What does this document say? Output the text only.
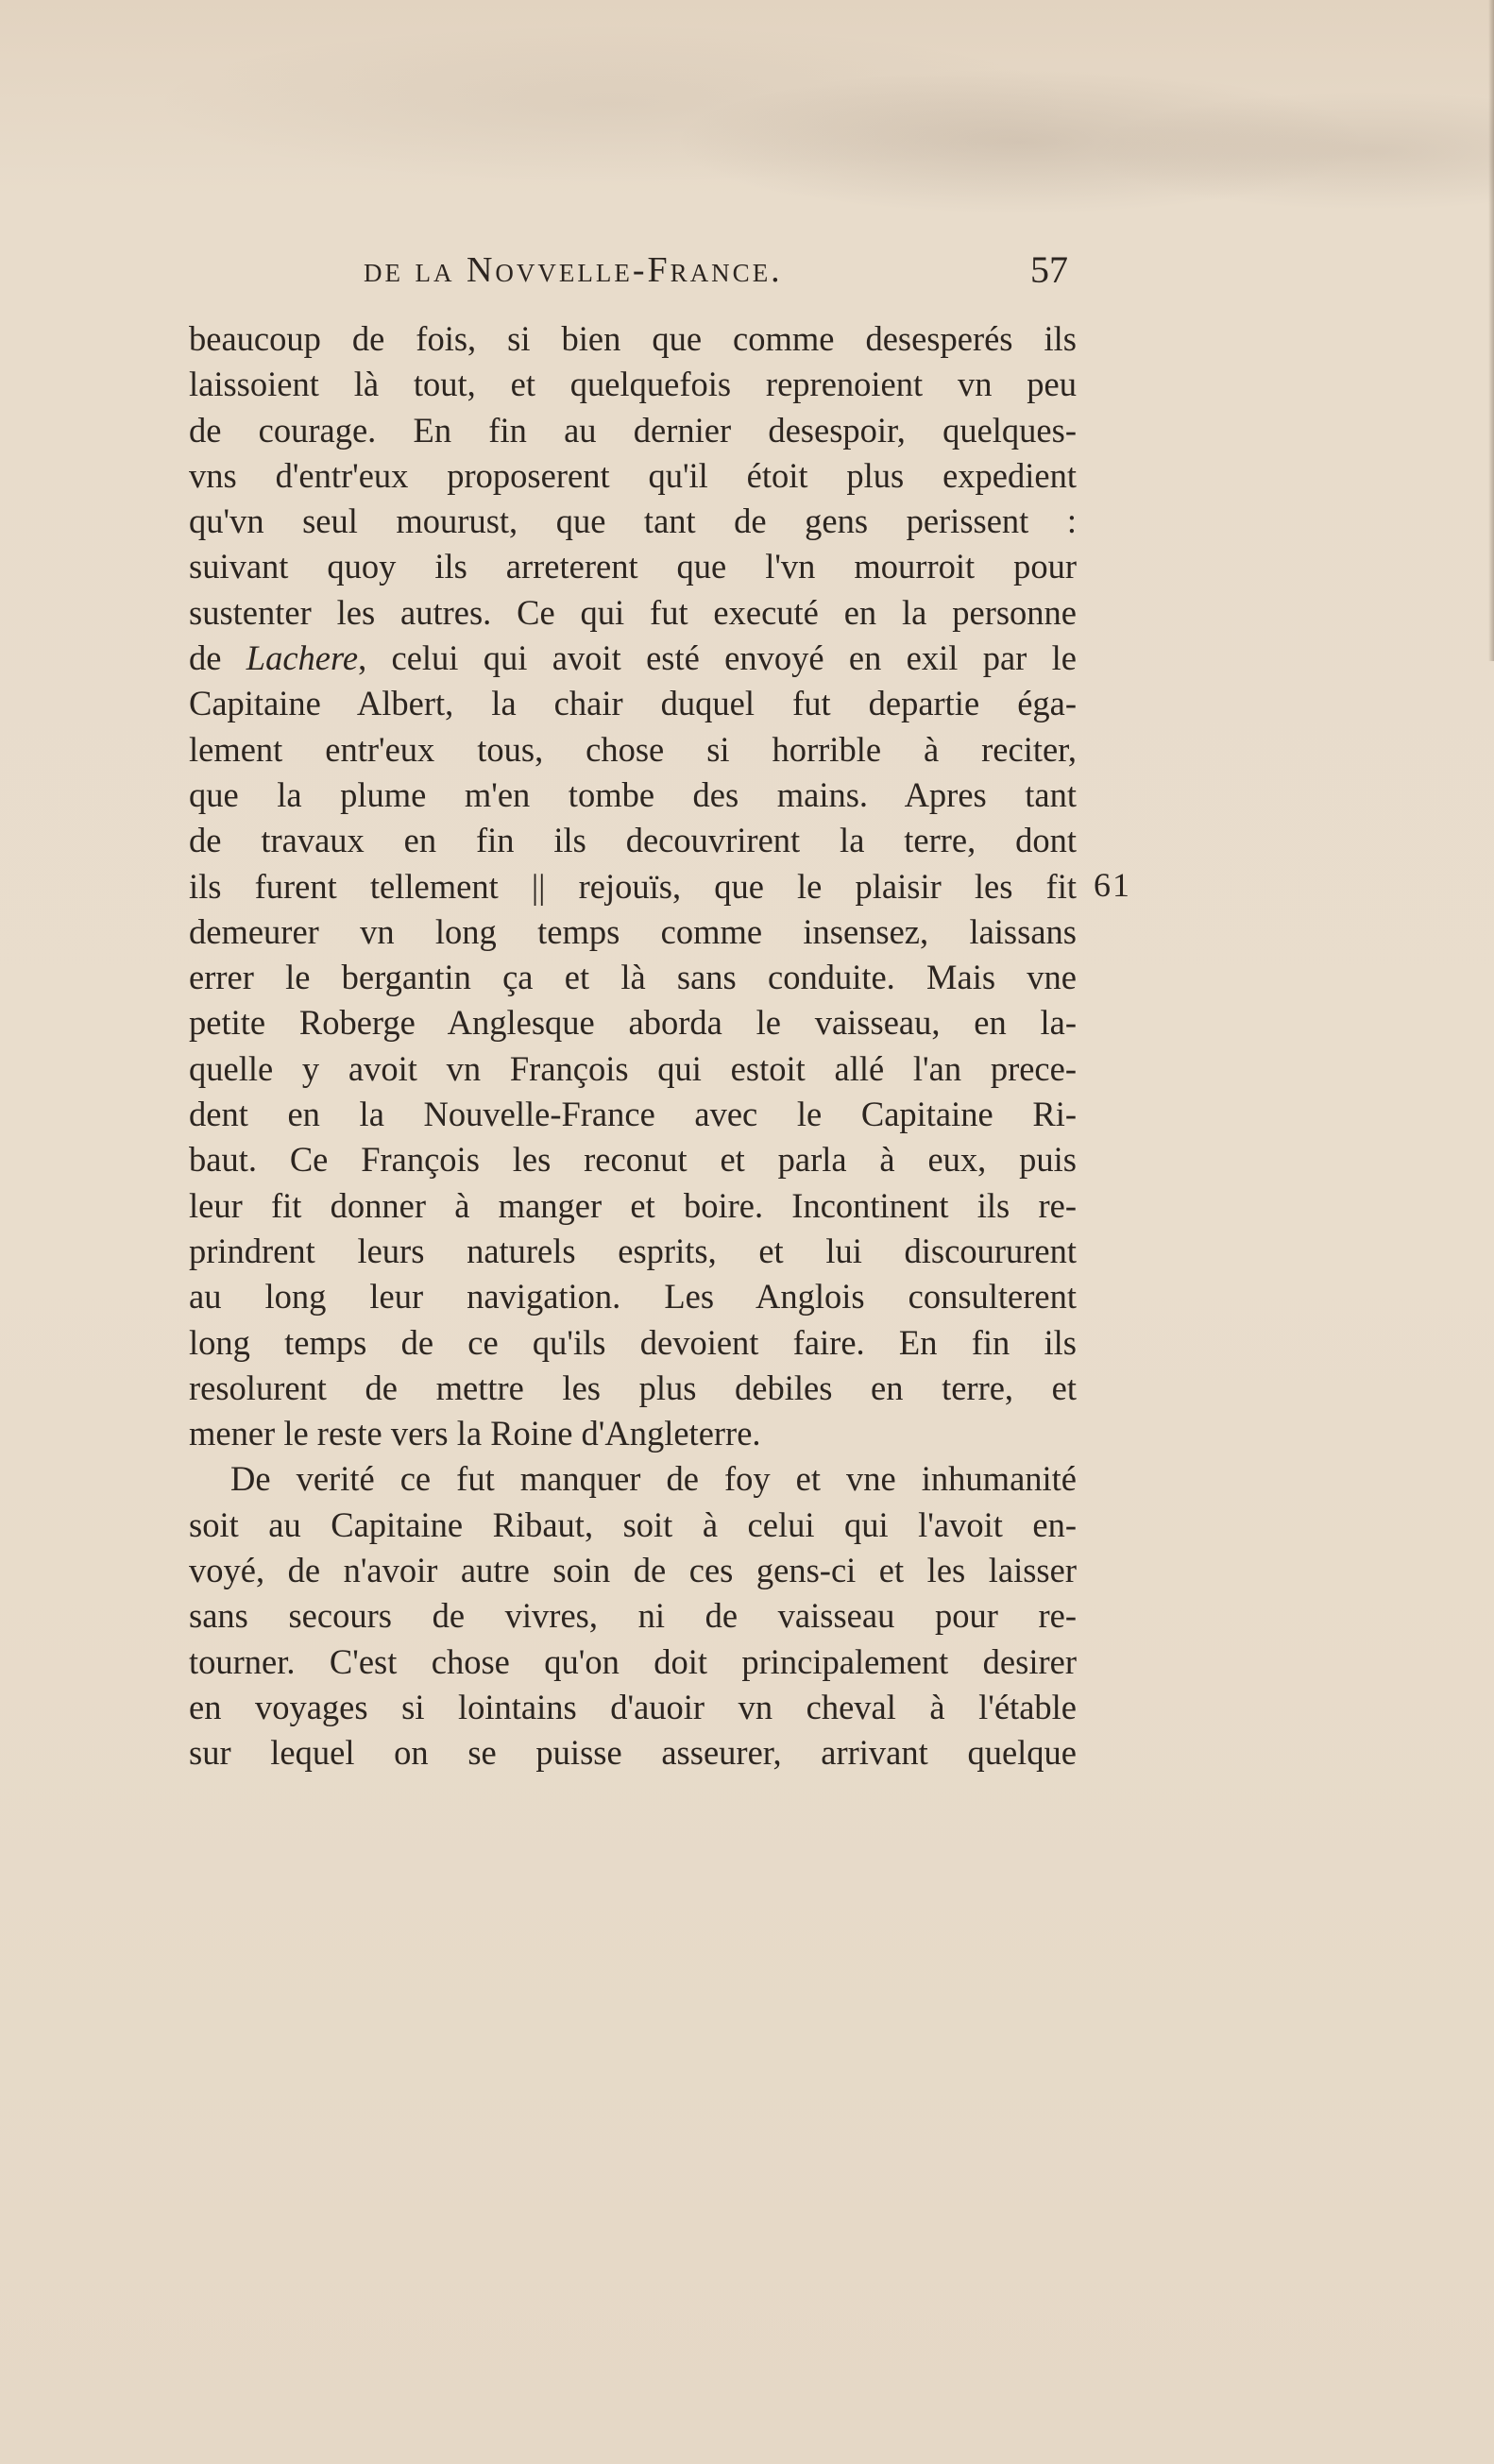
de la Novvelle-France.	57
beaucoup de fois, si bien que comme desesperés ils
laissoient là tout, et quelquefois reprenoient vn peu
de courage. En fin au dernier desespoir, quelques-
vns d'entr'eux proposerent qu'il étoit plus expedient
qu'vn seul mourust, que tant de gens perissent :
suivant quoy ils arreterent que l'vn mourroit pour
sustenter les autres. Ce qui fut executé en la personne
de Lachere, celui qui avoit esté envoyé en exil par le
Capitaine Albert, la chair duquel fut departie éga-
lement entr'eux tous, chose si horrible à reciter,
que la plume m'en tombe des mains. Apres tant
de travaux en fin ils decouvrirent la terre, dont
ils furent tellement || rejouïs, que le plaisir les fit
demeurer vn long temps comme insensez, laissans
errer le bergantin ça et là sans conduite. Mais vne
petite Roberge Anglesque aborda le vaisseau, en la-
quelle y avoit vn François qui estoit allé l'an prece-
dent en la Nouvelle-France avec le Capitaine Ri-
baut. Ce François les reconut et parla à eux, puis
leur fit donner à manger et boire. Incontinent ils re-
prindrent leurs naturels esprits, et lui discoururent
au long leur navigation. Les Anglois consulterent
long temps de ce qu'ils devoient faire. En fin ils
resolurent de mettre les plus debiles en terre, et
mener le reste vers la Roine d'Angleterre.
De verité ce fut manquer de foy et vne inhumanité
soit au Capitaine Ribaut, soit à celui qui l'avoit en-
voyé, de n'avoir autre soin de ces gens-ci et les laisser
sans secours de vivres, ni de vaisseau pour re-
tourner. C'est chose qu'on doit principalement desirer
en voyages si lointains d'auoir vn cheval à l'étable
sur lequel on se puisse asseurer, arrivant quelque
61
